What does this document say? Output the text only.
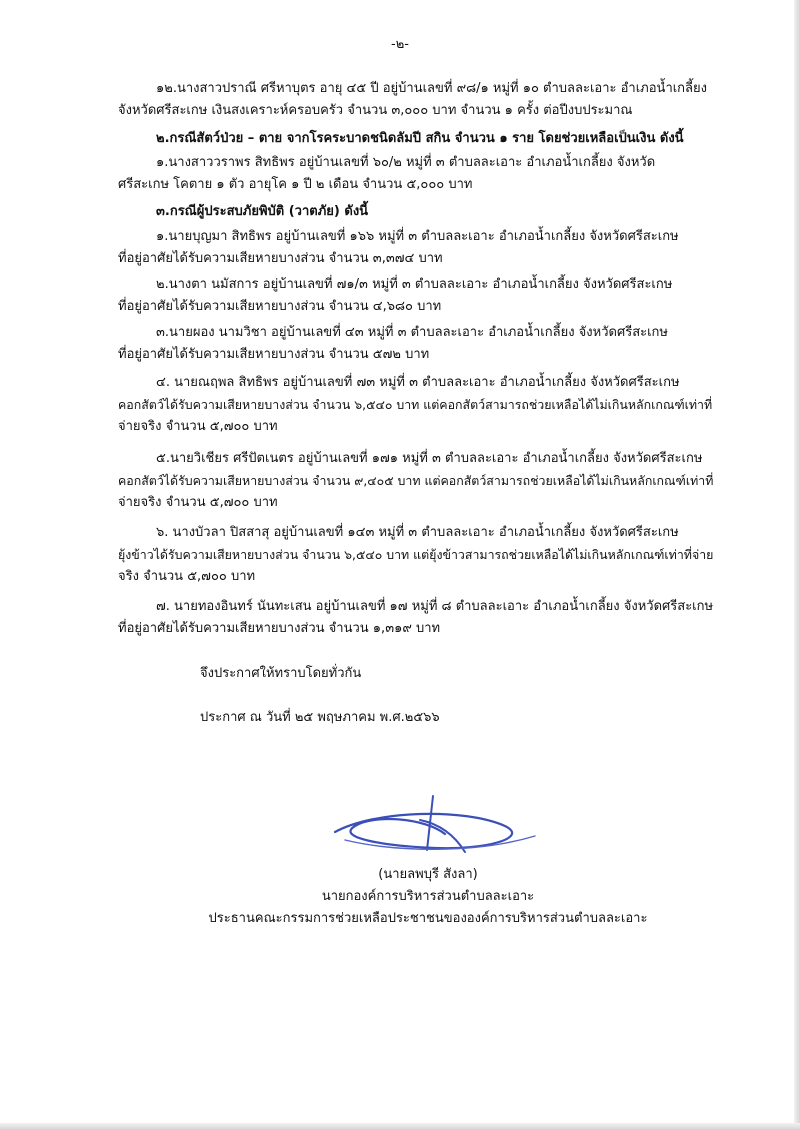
-๒-
๑๒.นางสาวปราณี ศรีหาบุตร อายุ ๔๕ ปี อยู่บ้านเลขที่ ๙๘/๑ หมู่ที่ ๑๐ ตำบลละเอาะ อำเภอน้ำเกลี้ยง
จังหวัดศรีสะเกษ เงินสงเคราะห์ครอบครัว จำนวน ๓,๐๐๐ บาท จำนวน ๑ ครั้ง ต่อปีงบประมาณ
๒.กรณีสัตว์ป่วย – ตาย จากโรคระบาดชนิดลัมปี สกิน จำนวน ๑ ราย โดยช่วยเหลือเป็นเงิน ดังนี้
๑.นางสาววราพร สิทธิพร อยู่บ้านเลขที่ ๖๐/๒ หมู่ที่ ๓ ตำบลละเอาะ อำเภอน้ำเกลี้ยง จังหวัด
ศรีสะเกษ โคตาย ๑ ตัว อายุโค ๑ ปี ๒ เดือน จำนวน ๕,๐๐๐ บาท
๓.กรณีผู้ประสบภัยพิบัติ (วาตภัย) ดังนี้
๑.นายบุญมา สิทธิพร อยู่บ้านเลขที่ ๑๖๖ หมู่ที่ ๓ ตำบลละเอาะ อำเภอน้ำเกลี้ยง จังหวัดศรีสะเกษ
ที่อยู่อาศัยได้รับความเสียหายบางส่วน จำนวน ๓,๓๗๔ บาท
๒.นางตา นมัสการ อยู่บ้านเลขที่ ๗๑/๓ หมู่ที่ ๓ ตำบลละเอาะ อำเภอน้ำเกลี้ยง จังหวัดศรีสะเกษ
ที่อยู่อาศัยได้รับความเสียหายบางส่วน จำนวน ๔,๖๘๐ บาท
๓.นายผอง นามวิชา อยู่บ้านเลขที่ ๔๓ หมู่ที่ ๓ ตำบลละเอาะ อำเภอน้ำเกลี้ยง จังหวัดศรีสะเกษ
ที่อยู่อาศัยได้รับความเสียหายบางส่วน จำนวน ๕๗๒ บาท
๔. นายณฤพล สิทธิพร อยู่บ้านเลขที่ ๗๓ หมู่ที่ ๓ ตำบลละเอาะ อำเภอน้ำเกลี้ยง จังหวัดศรีสะเกษ
คอกสัตว์ได้รับความเสียหายบางส่วน จำนวน ๖,๕๔๐ บาท แต่คอกสัตว์สามารถช่วยเหลือได้ไม่เกินหลักเกณฑ์เท่าที่
จ่ายจริง จำนวน ๕,๗๐๐ บาท
๕.นายวิเชียร ศรีปัตเนตร อยู่บ้านเลขที่ ๑๗๑ หมู่ที่ ๓ ตำบลละเอาะ อำเภอน้ำเกลี้ยง จังหวัดศรีสะเกษ
คอกสัตว์ได้รับความเสียหายบางส่วน จำนวน ๙,๔๐๕ บาท แต่คอกสัตว์สามารถช่วยเหลือได้ไม่เกินหลักเกณฑ์เท่าที่
จ่ายจริง จำนวน ๕,๗๐๐ บาท
๖. นางบัวลา ปิสสาสุ อยู่บ้านเลขที่ ๑๔๓ หมู่ที่ ๓ ตำบลละเอาะ อำเภอน้ำเกลี้ยง จังหวัดศรีสะเกษ
ยุ้งข้าวได้รับความเสียหายบางส่วน จำนวน ๖,๕๔๐ บาท แต่ยุ้งข้าวสามารถช่วยเหลือได้ไม่เกินหลักเกณฑ์เท่าที่จ่าย
จริง จำนวน ๕,๗๐๐ บาท
๗. นายทองอินทร์ นันทะเสน อยู่บ้านเลขที่ ๑๗ หมู่ที่ ๘ ตำบลละเอาะ อำเภอน้ำเกลี้ยง จังหวัดศรีสะเกษ
ที่อยู่อาศัยได้รับความเสียหายบางส่วน จำนวน ๑,๓๑๙ บาท
จึงประกาศให้ทราบโดยทั่วกัน
ประกาศ ณ วันที่ ๒๕ พฤษภาคม พ.ศ.๒๕๖๖
(นายลพบุรี สังลา)
นายกองค์การบริหารส่วนตำบลละเอาะ
ประธานคณะกรรมการช่วยเหลือประชาชนขององค์การบริหารส่วนตำบลละเอาะ
